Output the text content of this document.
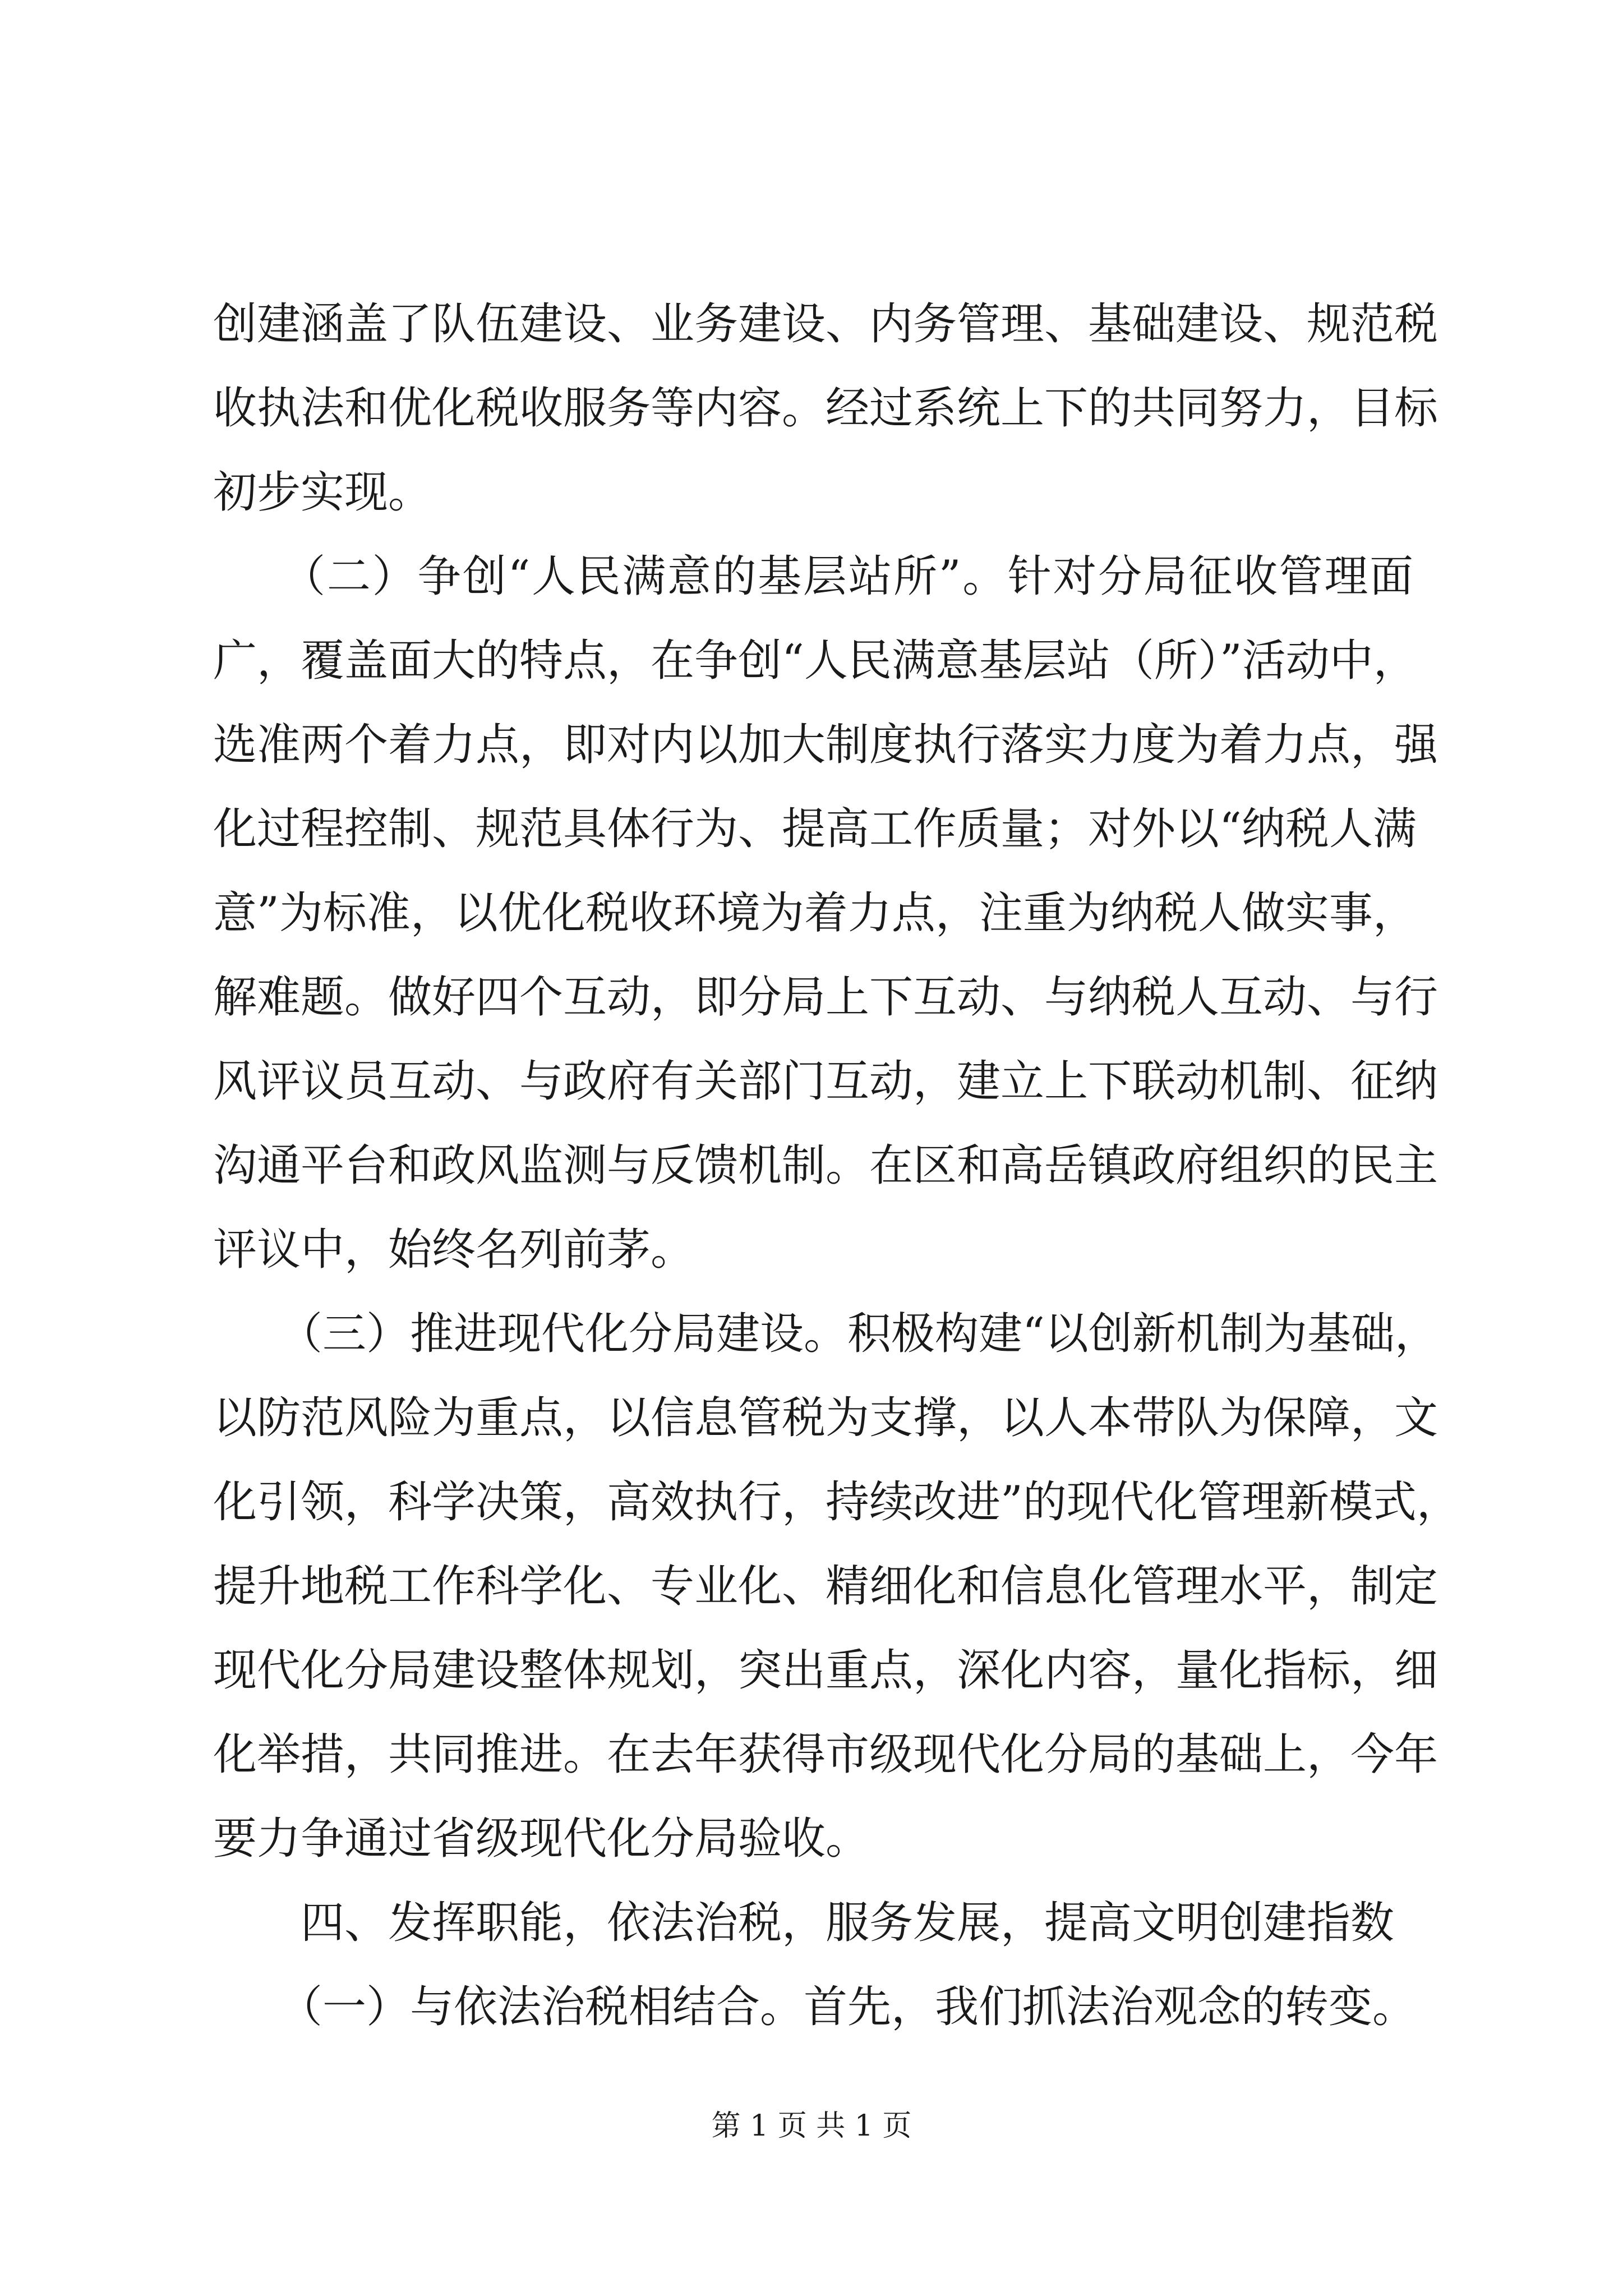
创建涵盖了队伍建设、业务建设、内务管理、基础建设、规范税
收执法和优化税收服务等内容。经过系统上下的共同努力，目标
初步实现。
　　（二）争创“人民满意的基层站所”。针对分局征收管理面
广，覆盖面大的特点，在争创“人民满意基层站（所）”活动中，
选准两个着力点，即对内以加大制度执行落实力度为着力点，强
化过程控制、规范具体行为、提高工作质量；对外以“纳税人满
意”为标准，以优化税收环境为着力点，注重为纳税人做实事，
解难题。做好四个互动，即分局上下互动、与纳税人互动、与行
风评议员互动、与政府有关部门互动，建立上下联动机制、征纳
沟通平台和政风监测与反馈机制。在区和高岳镇政府组织的民主
评议中，始终名列前茅。
　　（三）推进现代化分局建设。积极构建“以创新机制为基础，
以防范风险为重点，以信息管税为支撑，以人本带队为保障，文
化引领，科学决策，高效执行，持续改进”的现代化管理新模式，
提升地税工作科学化、专业化、精细化和信息化管理水平，制定
现代化分局建设整体规划，突出重点，深化内容，量化指标，细
化举措，共同推进。在去年获得市级现代化分局的基础上，今年
要力争通过省级现代化分局验收。
　　四、发挥职能，依法治税，服务发展，提高文明创建指数
　　（一）与依法治税相结合。首先，我们抓法治观念的转变。
第 1 页 共 1 页
